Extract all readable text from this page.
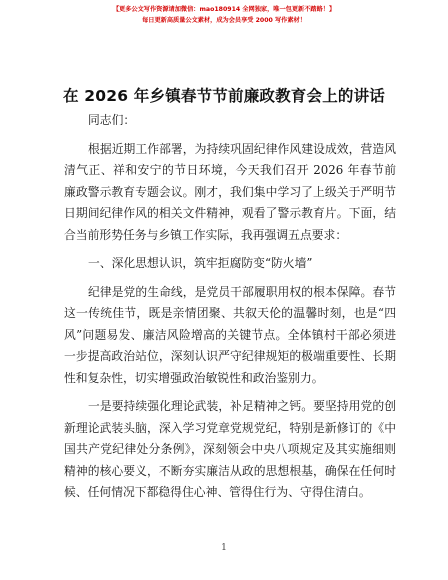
【更多公文写作资源请加微信：mao180914 全网独家，唯一包更新不踏路！】
每日更新高质量公文素材，成为会员享受 2000 写作素材！
在 2026 年乡镇春节节前廉政教育会上的讲话

同志们：

根据近期工作部署，为持续巩固纪律作风建设成效，营造风清气正、祥和安宁的节日环境，今天我们召开 2026 年春节前廉政警示教育专题会议。刚才，我们集中学习了上级关于严明节日期间纪律作风的相关文件精神，观看了警示教育片。下面，结合当前形势任务与乡镇工作实际，我再强调五点要求：

一、深化思想认识，筑牢拒腐防变“防火墙”

纪律是党的生命线，是党员干部履职用权的根本保障。春节这一传统佳节，既是亲情团聚、共叙天伦的温馨时刻，也是“四风”问题易发、廉洁风险增高的关键节点。全体镇村干部必须进一步提高政治站位，深刻认识严守纪律规矩的极端重要性、长期性和复杂性，切实增强政治敏锐性和政治鉴别力。

一是要持续强化理论武装，补足精神之钙。要坚持用党的创新理论武装头脑，深入学习党章党规党纪，特别是新修订的《中国共产党纪律处分条例》，深刻领会中央八项规定及其实施细则精神的核心要义，不断夯实廉洁从政的思想根基，确保在任何时候、任何情况下都稳得住心神、管得住行为、守得住清白。

1
